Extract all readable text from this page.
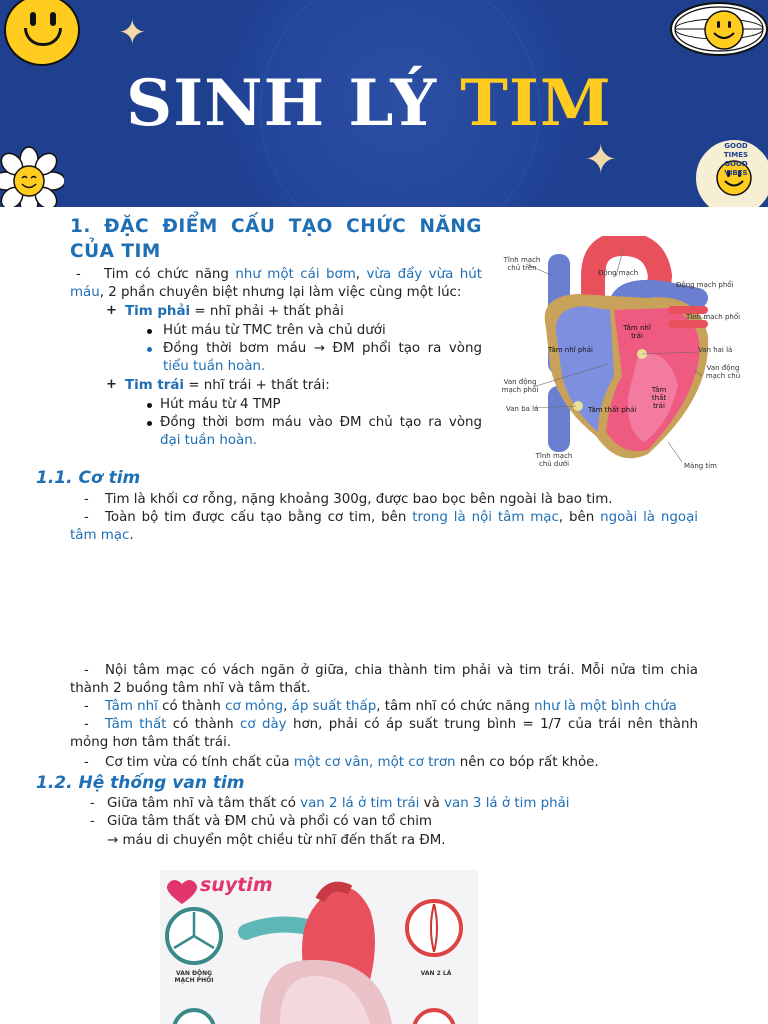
✦
✦
SINH LÝ TIM
GOOD TIMES GOOD VIBES
1. ĐẶC ĐIỂM CẤU TẠO CHỨC NĂNG CỦA TIM
-	Tim có chức năng như một cái bơm, vừa đẩy vừa hút máu, 2 phần chuyên biệt nhưng lại làm việc cùng một lúc:
+ Tim phải = nhĩ phải + thất phải
Hút máu từ TMC trên và chủ dưới
Đồng thời bơm máu → ĐM phổi tạo ra vòng tiểu tuần hoàn.
+ Tim trái = nhĩ trái + thất trái:
Hút máu từ 4 TMP
Đồng thời bơm máu vào ĐM chủ tạo ra vòng đại tuần hoàn.
Tĩnh mạch chủ trên
Động mạch
Động mạch phổi
Tĩnh mạch phổi
Tâm nhĩ trái
Van hai lá
Van động mạch chủ
Tâm nhĩ phải
Van động mạch phổi
Van ba lá	Tâm thất phải
Tâm thất trái
Tĩnh mạch chủ dưới	Màng tim
1.1. Cơ tim
- Tim là khối cơ rỗng, nặng khoảng 300g, được bao bọc bên ngoài là bao tim.
-	Toàn bộ tim được cấu tạo bằng cơ tim, bên trong là nội tâm mạc, bên ngoài là ngoại tâm mạc.
-	Nội tâm mạc có vách ngăn ở giữa, chia thành tim phải và tim trái. Mỗi nửa tim chia thành 2 buồng tâm nhĩ và tâm thất.
- Tâm nhĩ có thành cơ mỏng, áp suất thấp, tâm nhĩ có chức năng như là một bình chứa
-	Tâm thất có thành cơ dày hơn, phải có áp suất trung bình = 1/7 của trái nên thành mỏng hơn tâm thất trái.
- Cơ tim vừa có tính chất của một cơ vân, một cơ trơn nên co bóp rất khỏe.
1.2. Hệ thống van tim
- Giữa tâm nhĩ và tâm thất có van 2 lá ở tim trái và van 3 lá ở tim phải
- Giữa tâm thất và ĐM chủ và phổi có van tổ chim
→ máu di chuyển một chiều từ nhĩ đến thất ra ĐM.
suytim
VAN ĐỘNG MẠCH PHỔI
VAN 2 LÁ
